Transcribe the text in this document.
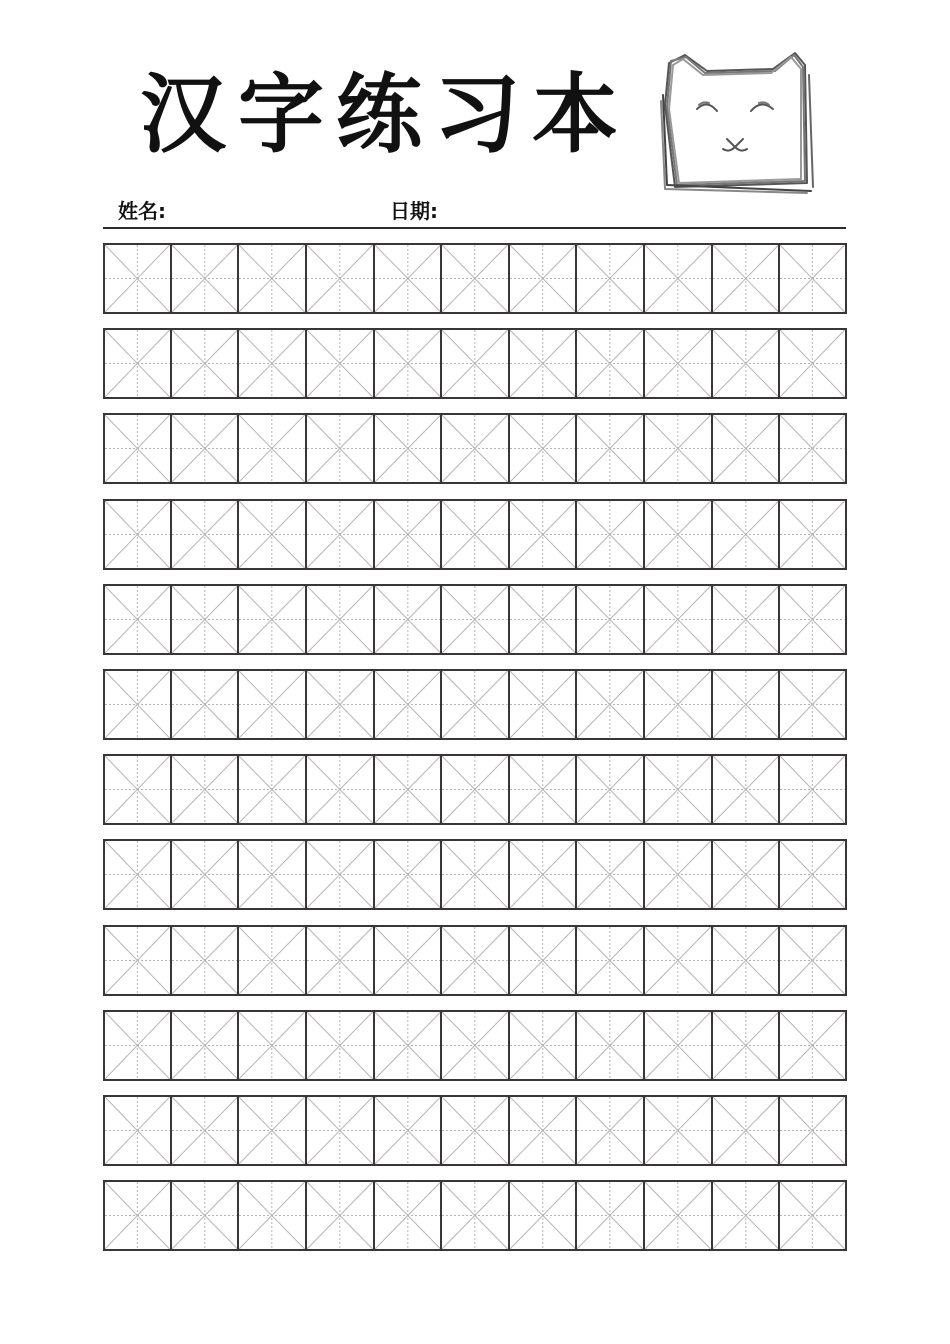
汉字练习本
姓名:	日期:
